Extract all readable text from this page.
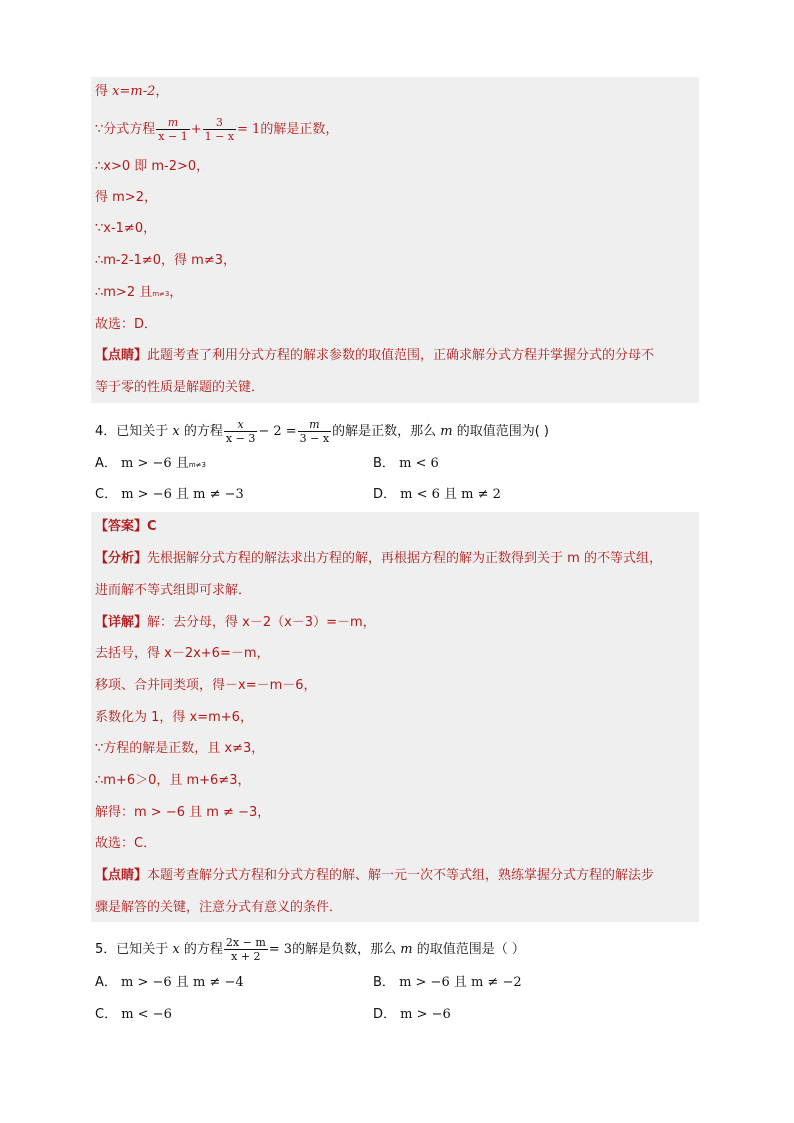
得 x=m-2，
∵分式方程 $\frac{m}{x - 1} + \frac{3}{1 - x} = 1$的解是正数，
∴x>0 即 m-2>0，
得 m>2，
∵x-1≠0，
∴m-2-1≠0，得 m≠3，
∴m>2 且m≠3，
故选：D．
【点睛】此题考查了利用分式方程的解求参数的取值范围，正确求解分式方程并掌握分式的分母不
等于零的性质是解题的关键．
4．已知关于 x 的方程 $\frac{x}{x - 3} - 2 = \frac{m}{3 - x}$ 的解是正数，那么 m 的取值范围为( )
A． m > −6 且m≠3	B． m < 6
C． m > −6 且 m ≠ −3	D． m < 6 且 m ≠ 2
【答案】C
【分析】先根据解分式方程的解法求出方程的解，再根据方程的解为正数得到关于 m 的不等式组，
进而解不等式组即可求解．
【详解】解：去分母，得 x－2（x－3）=－m，
去括号，得 x－2x+6=－m，
移项、合并同类项，得－x=－m－6，
系数化为 1，得 x=m+6，
∵方程的解是正数，且 x≠3，
∴m+6＞0，且 m+6≠3，
解得：m > −6 且 m ≠ −3，
故选：C．
【点睛】本题考查解分式方程和分式方程的解、解一元一次不等式组，熟练掌握分式方程的解法步
骤是解答的关键，注意分式有意义的条件．
5．已知关于 x 的方程 $\frac{2x - m}{x + 2} = 3$的解是负数，那么 m 的取值范围是（ ）
A． m > −6 且 m ≠ −4	B． m > −6 且 m ≠ −2
C． m < −6	D． m > −6
